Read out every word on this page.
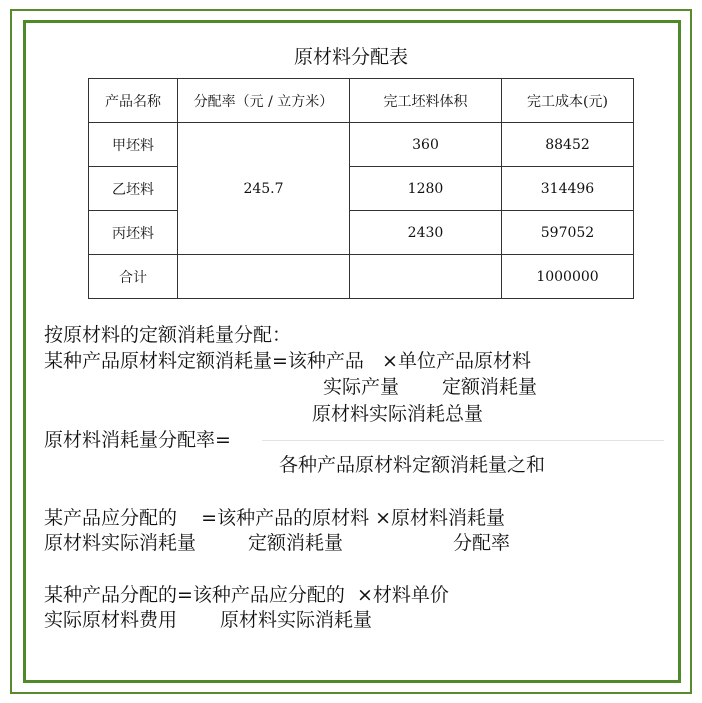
原材料分配表
产品名称	分配率（元 / 立方米）	完工坯料体积	完工成本(元)
甲坯料	245.7	360	88452
乙坯料		1280	314496
丙坯料		2430	597052
合计			1000000
按原材料的定额消耗量分配：
某种产品原材料定额消耗量=该种产品   ×单位产品原材料
实际产量 定额消耗量
原材料实际消耗总量
原材料消耗量分配率=
各种产品原材料定额消耗量之和
某产品应分配的    =该种产品的原材料 ×原材料消耗量
原材料实际消耗量	定额消耗量	分配率
某种产品分配的=该种产品应分配的  ×材料单价
实际原材料费用 原材料实际消耗量
